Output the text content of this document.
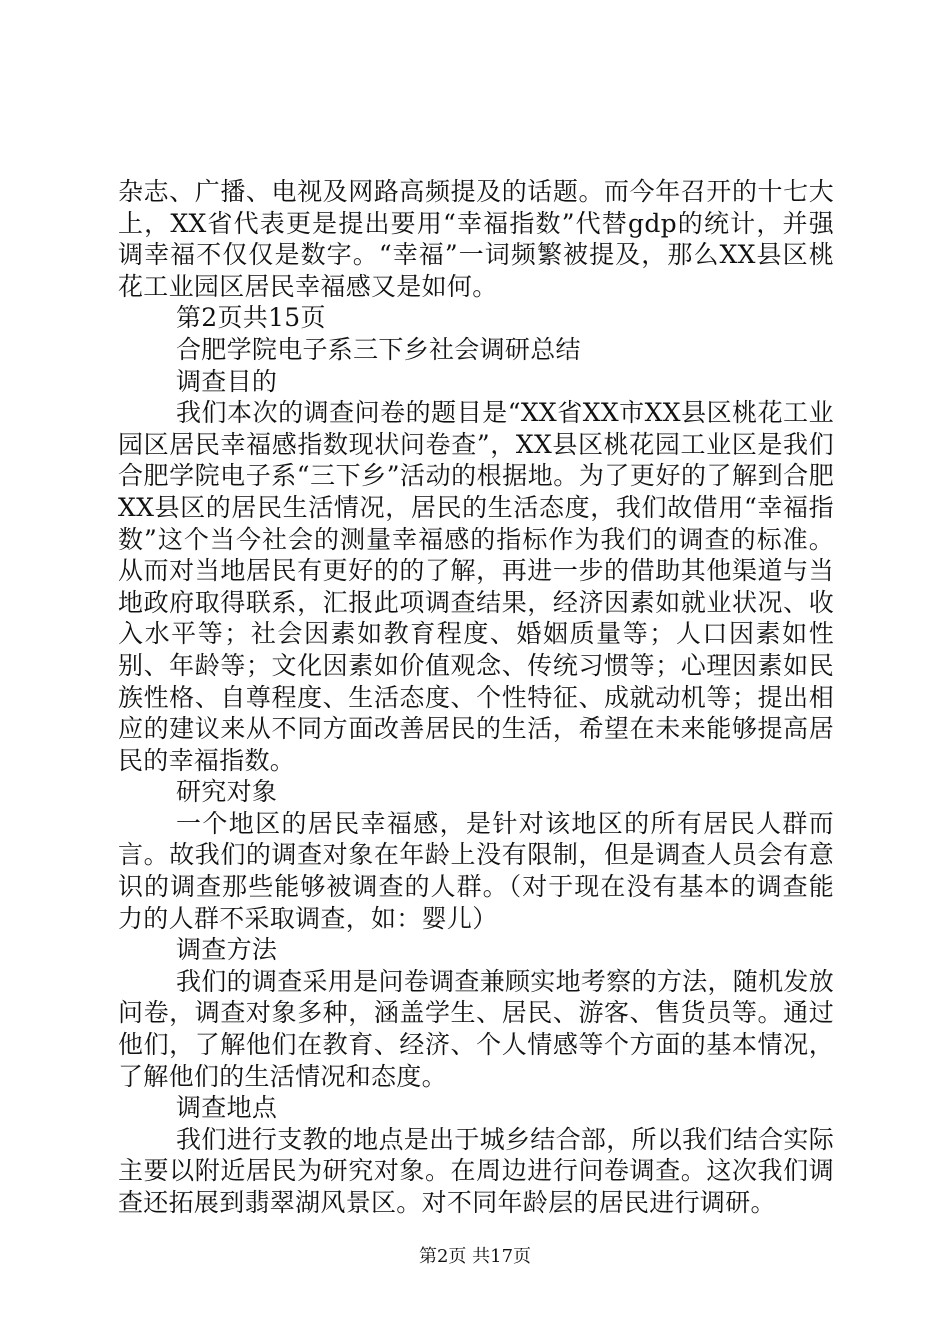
杂志、广播、电视及网路高频提及的话题。而今年召开的十七大上，XX省代表更是提出要用“幸福指数”代替gdp的统计，并强调幸福不仅仅是数字。“幸福”一词频繁被提及，那么XX县区桃花工业园区居民幸福感又是如何。

第2页共15页

合肥学院电子系三下乡社会调研总结

调查目的

我们本次的调查问卷的题目是“XX省XX市XX县区桃花工业园区居民幸福感指数现状问卷查”，XX县区桃花园工业区是我们合肥学院电子系“三下乡”活动的根据地。为了更好的了解到合肥XX县区的居民生活情况，居民的生活态度，我们故借用“幸福指数”这个当今社会的测量幸福感的指标作为我们的调查的标准。从而对当地居民有更好的的了解，再进一步的借助其他渠道与当地政府取得联系，汇报此项调查结果，经济因素如就业状况、收入水平等；社会因素如教育程度、婚姻质量等；人口因素如性别、年龄等；文化因素如价值观念、传统习惯等；心理因素如民族性格、自尊程度、生活态度、个性特征、成就动机等；提出相应的建议来从不同方面改善居民的生活，希望在未来能够提高居民的幸福指数。

研究对象

一个地区的居民幸福感，是针对该地区的所有居民人群而言。故我们的调查对象在年龄上没有限制，但是调查人员会有意识的调查那些能够被调查的人群。（对于现在没有基本的调查能力的人群不采取调查，如：婴儿）

调查方法

我们的调查采用是问卷调查兼顾实地考察的方法，随机发放问卷，调查对象多种，涵盖学生、居民、游客、售货员等。通过他们，了解他们在教育、经济、个人情感等个方面的基本情况，了解他们的生活情况和态度。

调查地点

我们进行支教的地点是出于城乡结合部，所以我们结合实际主要以附近居民为研究对象。在周边进行问卷调查。这次我们调查还拓展到翡翠湖风景区。对不同年龄层的居民进行调研。

第2页 共17页
